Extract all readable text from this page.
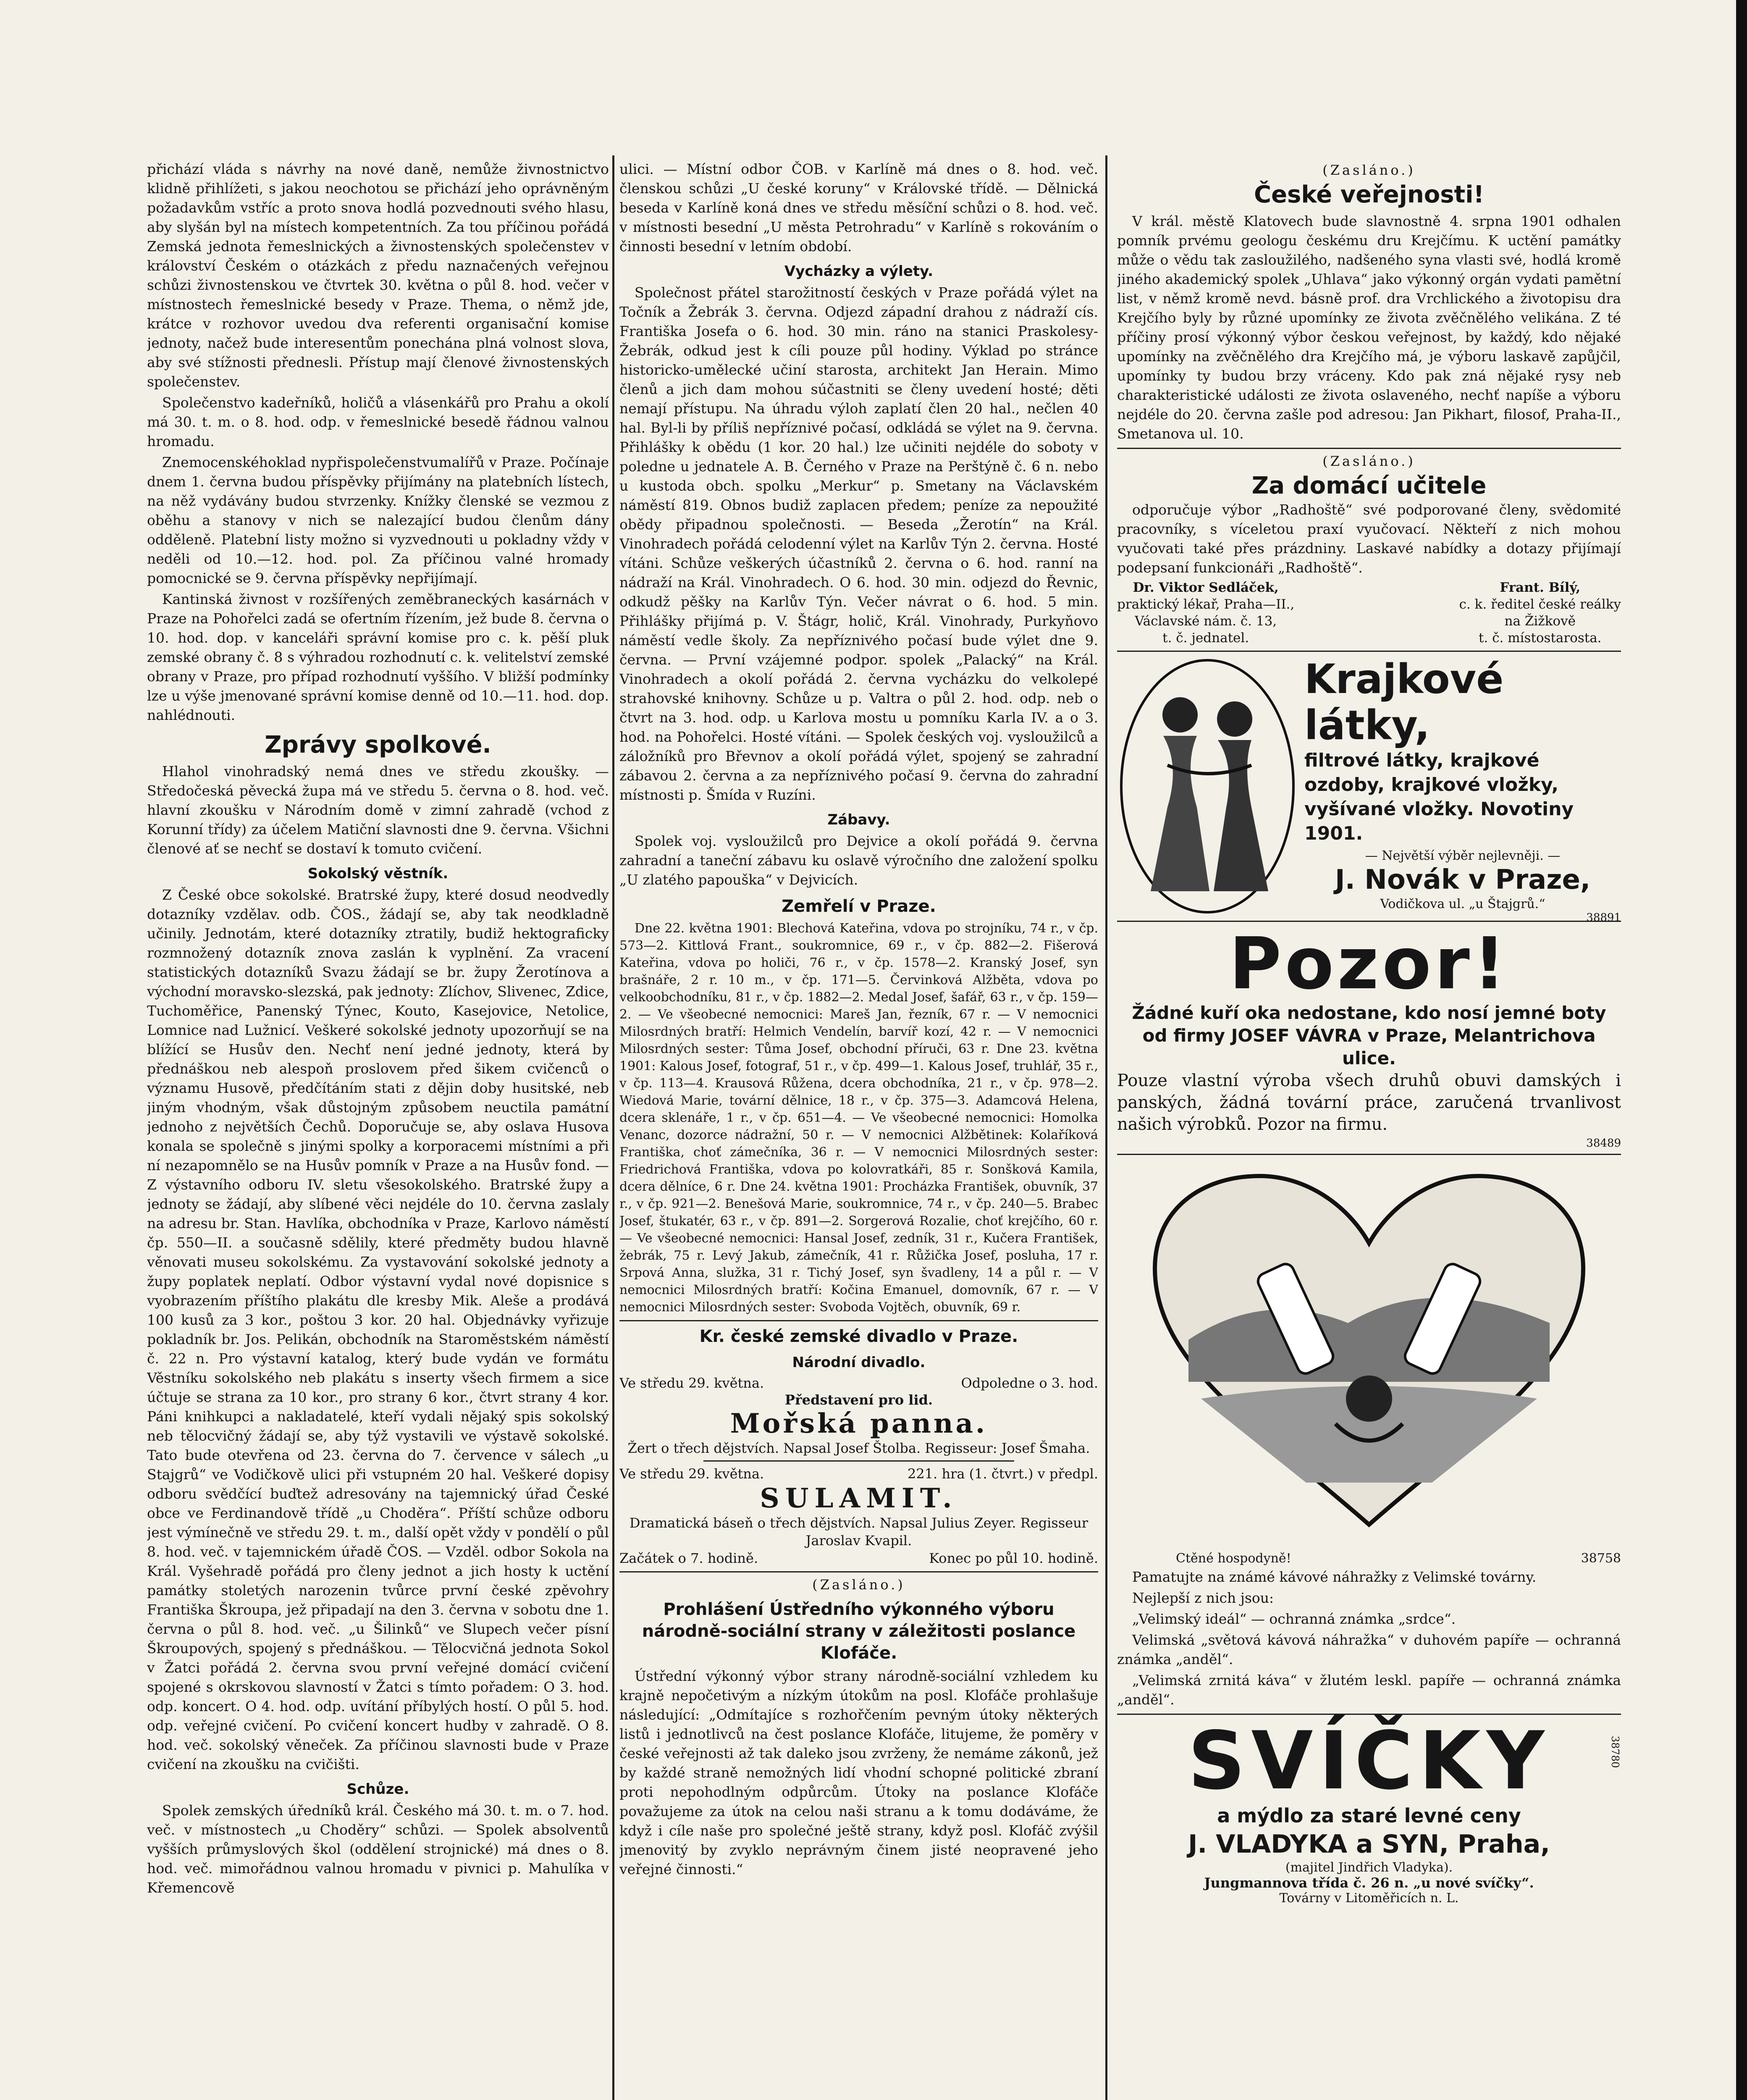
přichází vláda s návrhy na nové daně, nemůže živnostnictvo klidně přihlížeti, s jakou neochotou se přichází jeho oprávněným požadavkům vstříc a proto snova hodlá pozvednouti svého hlasu, aby slyšán byl na místech kompetentních. Za tou příčinou pořádá Zemská jednota řemeslnických a živnostenských společenstev v království Českém o otázkách z předu naznačených veřejnou schůzi živnostenskou ve čtvrtek 30. května o půl 8. hod. večer v místnostech řemeslnické besedy v Praze. Thema, o němž jde, krátce v rozhovor uvedou dva referenti organisační komise jednoty, načež bude interesentům ponechána plná volnost slova, aby své stížnosti přednesli. Přístup mají členové živnostenských společenstev.

Společenstvo kadeřníků, holičů a vlásenkářů pro Prahu a okolí má 30. t. m. o 8. hod. odp. v řemeslnické besedě řádnou valnou hromadu.

Znemocenskéhoklad nypřispolečenstvumalířů v Praze. Počínaje dnem 1. června budou příspěvky přijímány na platebních lístech, na něž vydávány budou stvrzenky. Knížky členské se vezmou z oběhu a stanovy v nich se nalezající budou členům dány odděleně. Platební listy možno si vyzvednouti u pokladny vždy v neděli od 10.—12. hod. pol. Za příčinou valné hromady pomocnické se 9. června příspěvky nepřijímají.

Kantinská živnost v rozšířených zeměbraneckých kasárnách v Praze na Pohořelci zadá se ofertním řízením, jež bude 8. června o 10. hod. dop. v kanceláři správní komise pro c. k. pěší pluk zemské obrany č. 8 s výhradou rozhodnutí c. k. velitelství zemské obrany v Praze, pro případ rozhodnutí vyššího. V bližší podmínky lze u výše jmenované správní komise denně od 10.—11. hod. dop. nahlédnouti.

Zprávy spolkové.

Hlahol vinohradský nemá dnes ve středu zkoušky. — Středočeská pěvecká župa má ve středu 5. června o 8. hod. več. hlavní zkoušku v Národním domě v zimní zahradě (vchod z Korunní třídy) za účelem Matiční slavnosti dne 9. června. Všichni členové ať se nechť se dostaví k tomuto cvičení.

Sokolský věstník.

Z České obce sokolské. Bratrské župy, které dosud neodvedly dotazníky vzdělav. odb. ČOS., žádají se, aby tak neodkladně učinily. Jednotám, které dotazníky ztratily, budiž hektograficky rozmnožený dotazník znova zaslán k vyplnění. Za vracení statistických dotazníků Svazu žádají se br. župy Žerotínova a východní moravsko-slezská, pak jednoty: Zlíchov, Slivenec, Zdice, Tuchoměřice, Panenský Týnec, Kouto, Kasejovice, Netolice, Lomnice nad Lužnicí. Veškeré sokolské jednoty upozorňují se na blížící se Husův den. Nechť není jedné jednoty, která by přednáškou neb alespoň proslovem před šikem cvičenců o významu Husově, předčítáním stati z dějin doby husitské, neb jiným vhodným, však důstojným způsobem neuctila památní jednoho z největších Čechů. Doporučuje se, aby oslava Husova konala se společně s jinými spolky a korporacemi místními a při ní nezapomnělo se na Husův pomník v Praze a na Husův fond. — Z výstavního odboru IV. sletu všesokolského. Bratrské župy a jednoty se žádají, aby slíbené věci nejdéle do 10. června zaslaly na adresu br. Stan. Havlíka, obchodníka v Praze, Karlovo náměstí čp. 550—II. a současně sdělily, které předměty budou hlavně věnovati museu sokolskému. Za vystavování sokolské jednoty a župy poplatek neplatí. Odbor výstavní vydal nové dopisnice s vyobrazením příštího plakátu dle kresby Mik. Aleše a prodává 100 kusů za 3 kor., poštou 3 kor. 20 hal. Objednávky vyřizuje pokladník br. Jos. Pelikán, obchodník na Staroměstském náměstí č. 22 n. Pro výstavní katalog, který bude vydán ve formátu Věstníku sokolského neb plakátu s inserty všech firmem a sice účtuje se strana za 10 kor., pro strany 6 kor., čtvrt strany 4 kor. Páni knihkupci a nakladatelé, kteří vydali nějaký spis sokolský neb tělocvičný žádají se, aby týž vystavili ve výstavě sokolské. Tato bude otevřena od 23. června do 7. července v sálech „u Stajgrů“ ve Vodičkově ulici při vstupném 20 hal. Veškeré dopisy odboru svědčící buďtež adresovány na tajemnický úřad České obce ve Ferdinandově třídě „u Choděra“. Příští schůze odboru jest výmínečně ve středu 29. t. m., další opět vždy v pondělí o půl 8. hod. več. v tajemnickém úřadě ČOS. — Vzděl. odbor Sokola na Král. Vyšehradě pořádá pro členy jednot a jich hosty k uctění památky stoletých narozenin tvůrce první české zpěvohry Františka Škroupa, jež připadají na den 3. června v sobotu dne 1. června o půl 8. hod. več. „u Šilinků“ ve Slupech večer písní Škroupových, spojený s přednáškou. — Tělocvičná jednota Sokol v Žatci pořádá 2. června svou první veřejné domácí cvičení spojené s okrskovou slavností v Žatci s tímto pořadem: O 3. hod. odp. koncert. O 4. hod. odp. uvítání příbylých hostí. O půl 5. hod. odp. veřejné cvičení. Po cvičení koncert hudby v zahradě. O 8. hod. več. sokolský věneček. Za příčinou slavnosti bude v Praze cvičení na zkoušku na cvičišti.

Schůze.

Spolek zemských úředníků král. Českého má 30. t. m. o 7. hod. več. v místnostech „u Choděry“ schůzi. — Spolek absolventů vyšších průmyslových škol (oddělení strojnické) má dnes o 8. hod. več. mimořádnou valnou hromadu v pivnici p. Mahulíka v Křemencově

ulici. — Místní odbor ČOB. v Karlíně má dnes o 8. hod. več. členskou schůzi „U české koruny“ v Královské třídě. — Dělnická beseda v Karlíně koná dnes ve středu měsíční schůzi o 8. hod. več. v místnosti besední „U města Petrohradu“ v Karlíně s rokováním o činnosti besední v letním období.

Vycházky a výlety.

Společnost přátel starožitností českých v Praze pořádá výlet na Točník a Žebrák 3. června. Odjezd západní drahou z nádraží cís. Františka Josefa o 6. hod. 30 min. ráno na stanici Praskolesy-Žebrák, odkud jest k cíli pouze půl hodiny. Výklad po stránce historicko-umělecké učiní starosta, architekt Jan Herain. Mimo členů a jich dam mohou súčastniti se členy uvedení hosté; děti nemají přístupu. Na úhradu výloh zaplatí člen 20 hal., nečlen 40 hal. Byl-li by příliš nepříznivé počasí, odkládá se výlet na 9. června. Přihlášky k obědu (1 kor. 20 hal.) lze učiniti nejdéle do soboty v poledne u jednatele A. B. Černého v Praze na Perštýně č. 6 n. nebo u kustoda obch. spolku „Merkur“ p. Smetany na Václavském náměstí 819. Obnos budiž zaplacen předem; peníze za nepoužité obědy připadnou společnosti. — Beseda „Žerotín“ na Král. Vinohradech pořádá celodenní výlet na Karlův Týn 2. června. Hosté vítáni. Schůze veškerých účastníků 2. června o 6. hod. ranní na nádraží na Král. Vinohradech. O 6. hod. 30 min. odjezd do Řevnic, odkudž pěšky na Karlův Týn. Večer návrat o 6. hod. 5 min. Přihlášky přijímá p. V. Štágr, holič, Král. Vinohrady, Purkyňovo náměstí vedle školy. Za nepříznivého počasí bude výlet dne 9. června. — První vzájemné podpor. spolek „Palacký“ na Král. Vinohradech a okolí pořádá 2. června vycházku do velkolepé strahovské knihovny. Schůze u p. Valtra o půl 2. hod. odp. neb o čtvrt na 3. hod. odp. u Karlova mostu u pomníku Karla IV. a o 3. hod. na Pohořelci. Hosté vítáni. — Spolek českých voj. vysloužilců a záložníků pro Břevnov a okolí pořádá výlet, spojený se zahradní zábavou 2. června a za nepříznivého počasí 9. června do zahradní místnosti p. Šmída v Ruzíni.

Zábavy.

Spolek voj. vysloužilců pro Dejvice a okolí pořádá 9. června zahradní a taneční zábavu ku oslavě výročního dne založení spolku „U zlatého papouška“ v Dejvicích.

Zemřelí v Praze.

Dne 22. května 1901: Blechová Kateřina, vdova po strojníku, 74 r., v čp. 573—2. Kittlová Frant., soukromnice, 69 r., v čp. 882—2. Fišerová Kateřina, vdova po holiči, 76 r., v čp. 1578—2. Kranský Josef, syn brašnáře, 2 r. 10 m., v čp. 171—5. Červinková Alžběta, vdova po velkoobchodníku, 81 r., v čp. 1882—2. Medal Josef, šafář, 63 r., v čp. 159—2. — Ve všeobecné nemocnici: Mareš Jan, řezník, 67 r. — V nemocnici Milosrdných bratří: Helmich Vendelín, barvíř kozí, 42 r. — V nemocnici Milosrdných sester: Tůma Josef, obchodní příruči, 63 r. Dne 23. května 1901: Kalous Josef, fotograf, 51 r., v čp. 499—1. Kalous Josef, truhlář, 35 r., v čp. 113—4. Krausová Růžena, dcera obchodníka, 21 r., v čp. 978—2. Wiedová Marie, tovární dělnice, 18 r., v čp. 375—3. Adamcová Helena, dcera sklenáře, 1 r., v čp. 651—4. — Ve všeobecné nemocnici: Homolka Venanc, dozorce nádražní, 50 r. — V nemocnici Alžbětinek: Kolaříková Františka, choť zámečníka, 36 r. — V nemocnici Milosrdných sester: Friedrichová Františka, vdova po kolovratkáři, 85 r. Sonšková Kamila, dcera dělníce, 6 r. Dne 24. května 1901: Procházka František, obuvník, 37 r., v čp. 921—2. Benešová Marie, soukromnice, 74 r., v čp. 240—5. Brabec Josef, štukatér, 63 r., v čp. 891—2. Sorgerová Rozalie, choť krejčího, 60 r. — Ve všeobecné nemocnici: Hansal Josef, zedník, 31 r., Kučera František, žebrák, 75 r. Levý Jakub, zámečník, 41 r. Růžička Josef, posluha, 17 r. Srpová Anna, služka, 31 r. Tichý Josef, syn švadleny, 14 a půl r. — V nemocnici Milosrdných bratří: Kočina Emanuel, domovník, 67 r. — V nemocnici Milosrdných sester: Svoboda Vojtěch, obuvník, 69 r.

Kr. české zemské divadlo v Praze.
Národní divadlo.
Ve středu 29. května.	Odpoledne o 3. hod.
Představení pro lid.
Mořská panna.
Žert o třech dějstvích. Napsal Josef Štolba. Regisseur: Josef Šmaha.
Ve středu 29. května.	221. hra (1. čtvrt.) v předpl.
SULAMIT.
Dramatická báseň o třech dějstvích. Napsal Julius Zeyer. Regisseur Jaroslav Kvapil.
Začátek o 7. hodině.	Konec po půl 10. hodině.
(Zasláno.)
Prohlášení Ústředního výkonného výboru národně-sociální strany v záležitosti poslance Klofáče.

Ústřední výkonný výbor strany národně-sociální vzhledem ku krajně nepočetivým a nízkým útokům na posl. Klofáče prohlašuje následující: „Odmítajíce s rozhořčením pevným útoky některých listů i jednotlivců na čest poslance Klofáče, litujeme, že poměry v české veřejnosti až tak daleko jsou zvrženy, že nemáme zákonů, jež by každé straně nemožných lidí vhodní schopné politické zbraní proti nepohodlným odpůrcům. Útoky na poslance Klofáče považujeme za útok na celou naši stranu a k tomu dodáváme, že když i cíle naše pro společné ještě strany, když posl. Klofáč zvýšil jmenovitý by zvyklo neprávným činem jisté neopravené jeho veřejné činnosti.“

(Zasláno.)
České veřejnosti!

V král. městě Klatovech bude slavnostně 4. srpna 1901 odhalen pomník prvému geologu českému dru Krejčímu. K uctění památky může o vědu tak zasloužilého, nadšeného syna vlasti své, hodlá kromě jiného akademický spolek „Uhlava“ jako výkonný orgán vydati pamětní list, v němž kromě nevd. básně prof. dra Vrchlického a životopisu dra Krejčího byly by různé upomínky ze života zvěčnělého velikána. Z té příčiny prosí výkonný výbor českou veřejnost, by každý, kdo nějaké upomínky na zvěčnělého dra Krejčího má, je výboru laskavě zapůjčil, upomínky ty budou brzy vráceny. Kdo pak zná nějaké rysy neb charakteristické události ze života oslaveného, nechť napíše a výboru nejdéle do 20. června zašle pod adresou: Jan Pikhart, filosof, Praha-II., Smetanova ul. 10.

(Zasláno.)
Za domácí učitele

odporučuje výbor „Radhoště“ své podporované členy, svědomité pracovníky, s víceletou praxí vyučovací. Někteří z nich mohou vyučovati také přes prázdniny. Laskavé nabídky a dotazy přijímají podepsaní funkcionáři „Radhoště“.

Dr. Viktor Sedláček,
praktický lékař, Praha—II.,
Václavské nám. č. 13,
t. č. jednatel.
Frant. Bílý,
c. k. ředitel české reálky
na Žižkově
t. č. místostarosta.
Krajkové látky,
filtrové látky, krajkové ozdoby, krajkové vložky, vyšívané vložky. Novotiny 1901.
— Největší výběr nejlevněji. —
J. Novák v Praze,
Vodičkova ul. „u Štajgrů.“
38891
Pozor!
Žádné kuří oka nedostane, kdo nosí jemné boty od firmy JOSEF VÁVRA v Praze, Melantrichova ulice.

Pouze vlastní výroba všech druhů obuvi damských i panských, žádná tovární práce, zaručená trvanlivost našich výrobků. Pozor na firmu.

38489
Ctěné hospodyně!	38758

Pamatujte na známé kávové náhražky z Velimské továrny.

Nejlepší z nich jsou:

„Velimský ideál“ — ochranná známka „srdce“.

Velimská „světová kávová náhražka“ v duhovém papíře — ochranná známka „anděl“.

„Velimská zrnitá káva“ v žlutém leskl. papíře — ochranná známka „anděl“.

SVÍČKY	38780
a mýdlo za staré levné ceny
J. VLADYKA a SYN, Praha,
(majitel Jindřich Vladyka).
Jungmannova třída č. 26 n. „u nové svíčky“.
Továrny v Litoměřicích n. L.
